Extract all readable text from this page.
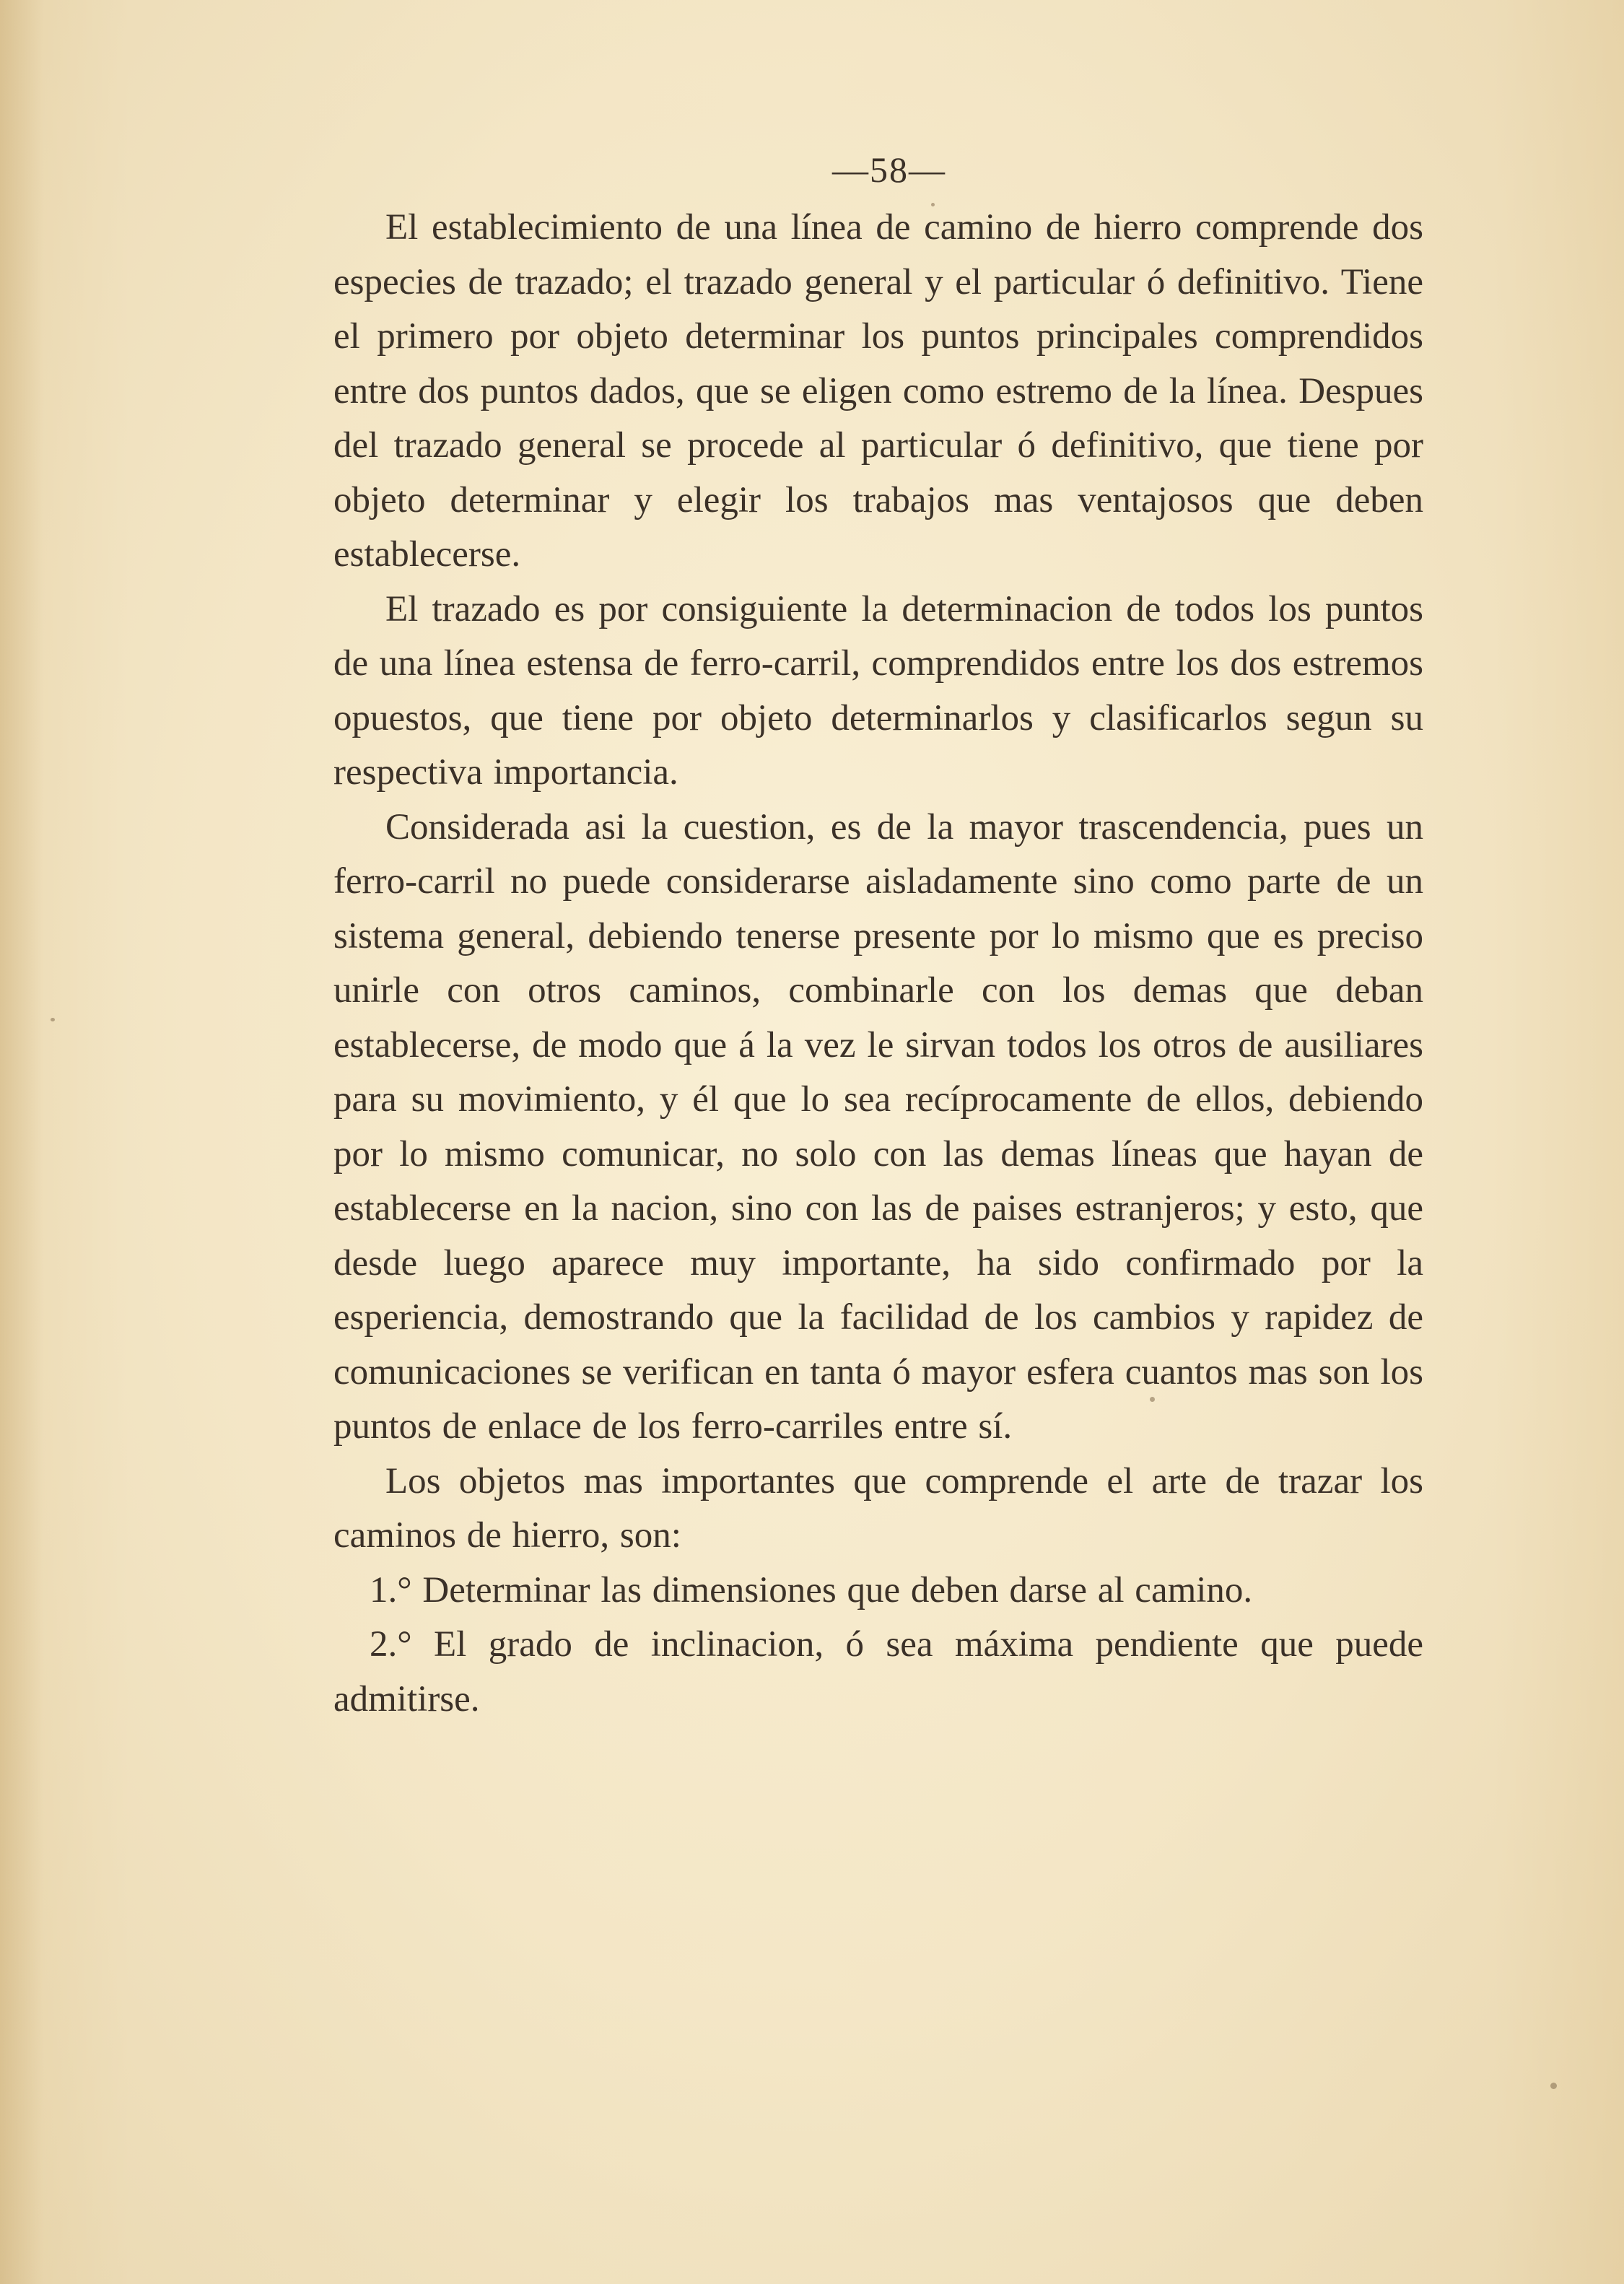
—58—

El establecimiento de una línea de camino de hierro comprende dos especies de trazado; el trazado general y el particular ó definitivo. Tiene el primero por objeto determinar los puntos principales comprendidos entre dos puntos dados, que se eligen como estremo de la línea. Despues del trazado general se procede al particular ó definitivo, que tiene por objeto determinar y elegir los trabajos mas ventajosos que deben establecerse.

El trazado es por consiguiente la determinacion de todos los puntos de una línea estensa de ferro-carril, comprendidos entre los dos estremos opuestos, que tiene por objeto determinarlos y clasificarlos segun su respectiva importancia.

Considerada asi la cuestion, es de la mayor trascendencia, pues un ferro-carril no puede considerarse aisladamente sino como parte de un sistema general, debiendo tenerse presente por lo mismo que es preciso unirle con otros caminos, combinarle con los demas que deban establecerse, de modo que á la vez le sirvan todos los otros de ausiliares para su movimiento, y él que lo sea recíprocamente de ellos, debiendo por lo mismo comunicar, no solo con las demas líneas que hayan de establecerse en la nacion, sino con las de paises estranjeros; y esto, que desde luego aparece muy importante, ha sido confirmado por la esperiencia, demostrando que la facilidad de los cambios y rapidez de comunicaciones se verifican en tanta ó mayor esfera cuantos mas son los puntos de enlace de los ferro-carriles entre sí.

Los objetos mas importantes que comprende el arte de trazar los caminos de hierro, son:

1.° Determinar las dimensiones que deben darse al camino.

2.° El grado de inclinacion, ó sea máxima pendiente que puede admitirse.
